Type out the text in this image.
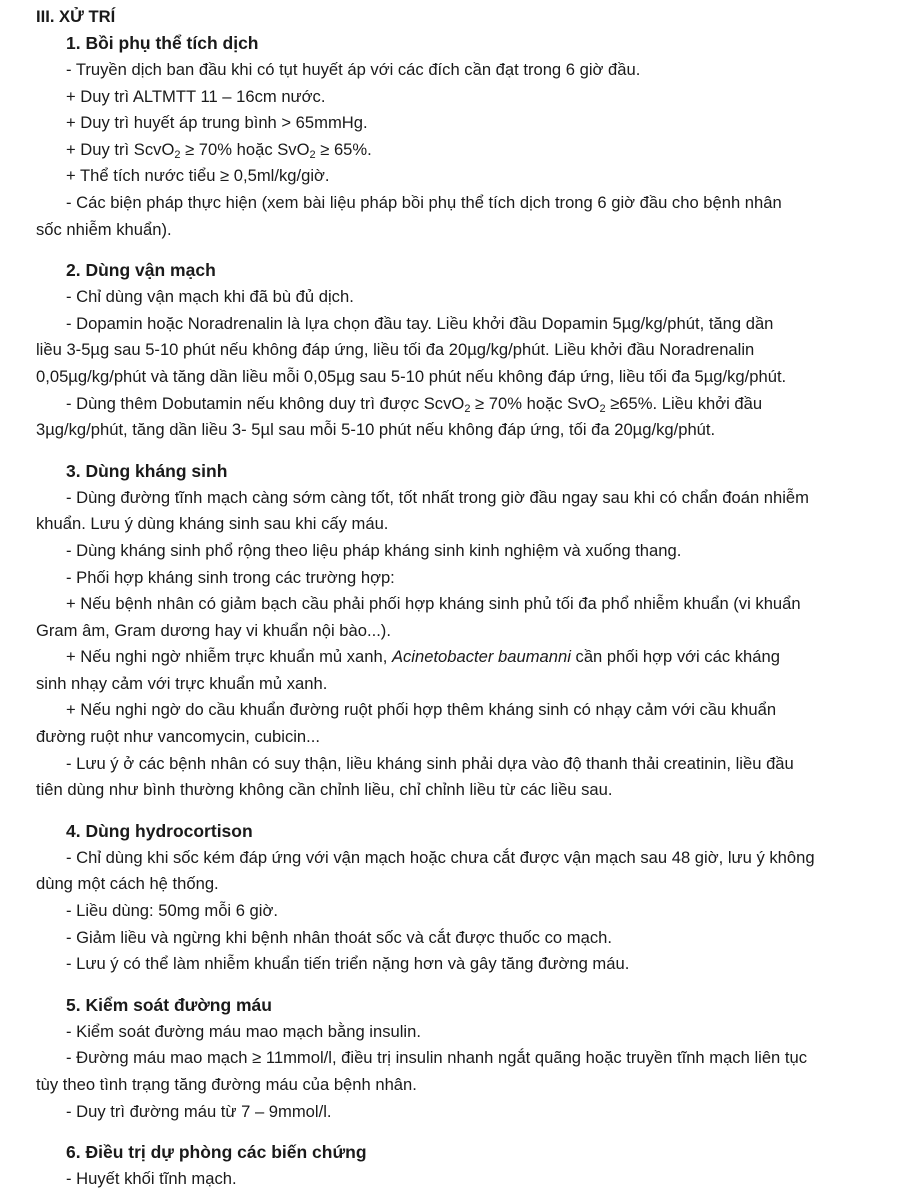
III. XỬ TRÍ

1. Bồi phụ thể tích dịch

- Truyền dịch ban đầu khi có tụt huyết áp với các đích cần đạt trong 6 giờ đầu.

+ Duy trì ALTMTT 11 – 16cm nước.

+ Duy trì huyết áp trung bình > 65mmHg.

+ Duy trì ScvO$_2$ ≥ 70% hoặc SvO$_2$ ≥ 65%.

+ Thể tích nước tiểu ≥ 0,5ml/kg/giờ.

- Các biện pháp thực hiện (xem bài liệu pháp bồi phụ thể tích dịch trong 6 giờ đầu cho bệnh nhân

sốc nhiễm khuẩn).

2. Dùng vận mạch

- Chỉ dùng vận mạch khi đã bù đủ dịch.

- Dopamin hoặc Noradrenalin là lựa chọn đầu tay. Liều khởi đầu Dopamin 5µg/kg/phút, tăng dần

liều 3-5µg sau 5-10 phút nếu không đáp ứng, liều tối đa 20µg/kg/phút. Liều khởi đầu Noradrenalin

0,05µg/kg/phút và tăng dần liều mỗi 0,05µg sau 5-10 phút nếu không đáp ứng, liều tối đa 5µg/kg/phút.

- Dùng thêm Dobutamin nếu không duy trì được ScvO$_2$ ≥ 70% hoặc SvO$_2$ ≥65%. Liều khởi đầu

3µg/kg/phút, tăng dần liều 3- 5µl sau mỗi 5-10 phút nếu không đáp ứng, tối đa 20µg/kg/phút.

3. Dùng kháng sinh

- Dùng đường tĩnh mạch càng sớm càng tốt, tốt nhất trong giờ đầu ngay sau khi có chẩn đoán nhiễm

khuẩn. Lưu ý dùng kháng sinh sau khi cấy máu.

- Dùng kháng sinh phổ rộng theo liệu pháp kháng sinh kinh nghiệm và xuống thang.

- Phối hợp kháng sinh trong các trường hợp:

+ Nếu bệnh nhân có giảm bạch cầu phải phối hợp kháng sinh phủ tối đa phổ nhiễm khuẩn (vi khuẩn

Gram âm, Gram dương hay vi khuẩn nội bào...).

+ Nếu nghi ngờ nhiễm trực khuẩn mủ xanh, Acinetobacter baumanni cần phối hợp với các kháng

sinh nhạy cảm với trực khuẩn mủ xanh.

+ Nếu nghi ngờ do cầu khuẩn đường ruột phối hợp thêm kháng sinh có nhạy cảm với cầu khuẩn

đường ruột như vancomycin, cubicin...

- Lưu ý ở các bệnh nhân có suy thận, liều kháng sinh phải dựa vào độ thanh thải creatinin, liều đầu

tiên dùng như bình thường không cần chỉnh liều, chỉ chỉnh liều từ các liều sau.

4. Dùng hydrocortison

- Chỉ dùng khi sốc kém đáp ứng với vận mạch hoặc chưa cắt được vận mạch sau 48 giờ, lưu ý không

dùng một cách hệ thống.

- Liều dùng: 50mg mỗi 6 giờ.

- Giảm liều và ngừng khi bệnh nhân thoát sốc và cắt được thuốc co mạch.

- Lưu ý có thể làm nhiễm khuẩn tiến triển nặng hơn và gây tăng đường máu.

5. Kiểm soát đường máu

- Kiểm soát đường máu mao mạch bằng insulin.

- Đường máu mao mạch ≥ 11mmol/l, điều trị insulin nhanh ngắt quãng hoặc truyền tĩnh mạch liên tục

tùy theo tình trạng tăng đường máu của bệnh nhân.

- Duy trì đường máu từ 7 – 9mmol/l.

6. Điều trị dự phòng các biến chứng

- Huyết khối tĩnh mạch.
